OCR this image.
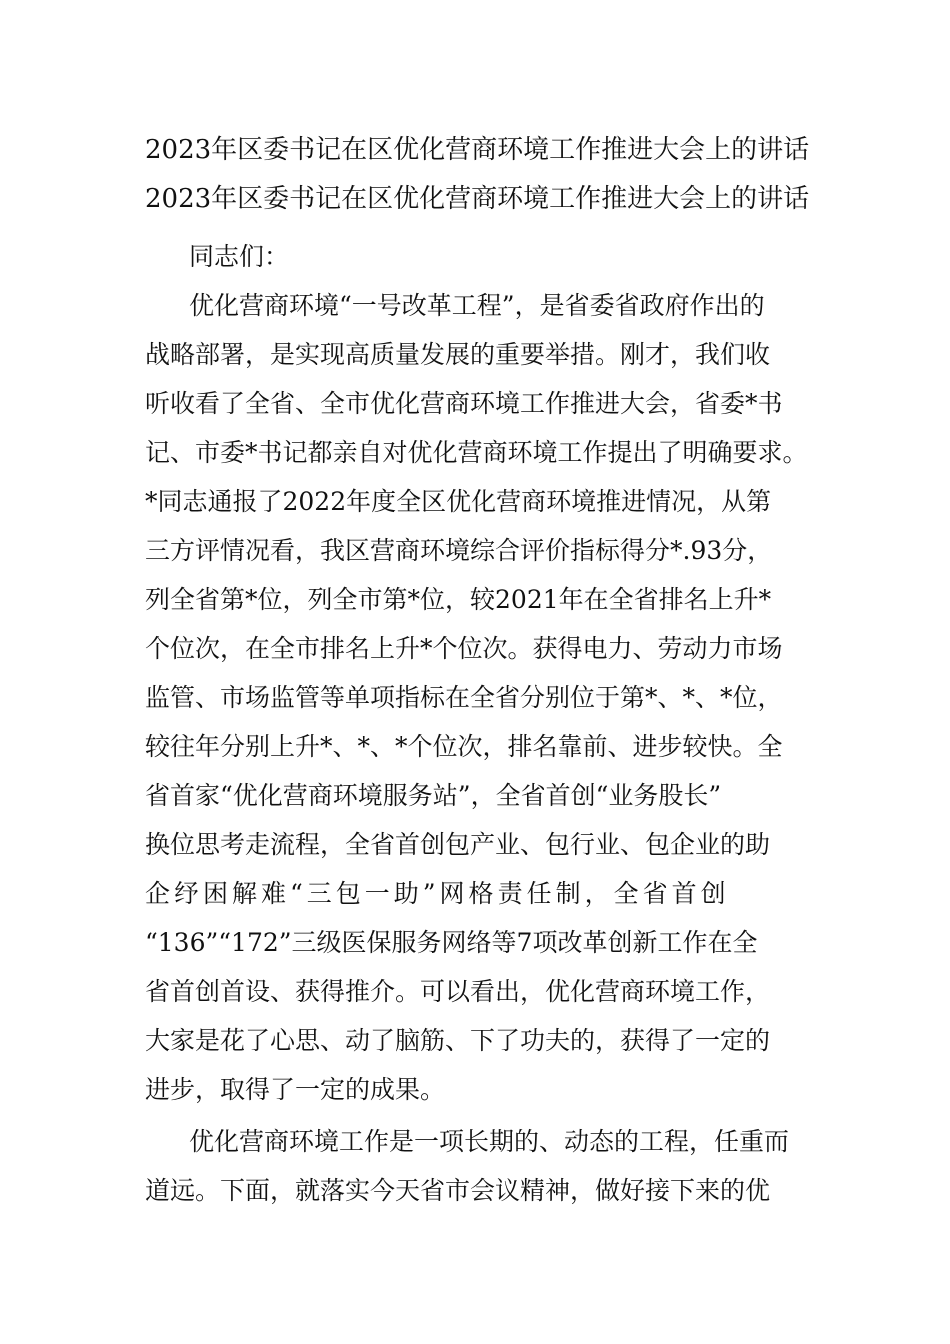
2023年区委书记在区优化营商环境工作推进大会上的讲话
2023年区委书记在区优化营商环境工作推进大会上的讲话
同志们：
优化营商环境“一号改革工程”，是省委省政府作出的
战略部署，是实现高质量发展的重要举措。刚才，我们收
听收看了全省、全市优化营商环境工作推进大会，省委*书
记、市委*书记都亲自对优化营商环境工作提出了明确要求。
*同志通报了2022年度全区优化营商环境推进情况，从第
三方评情况看，我区营商环境综合评价指标得分*.93分，
列全省第*位，列全市第*位，较2021年在全省排名上升*
个位次，在全市排名上升*个位次。获得电力、劳动力市场
监管、市场监管等单项指标在全省分别位于第*、*、*位，
较往年分别上升*、*、*个位次，排名靠前、进步较快。全
省首家“优化营商环境服务站”，全省首创“业务股长”
换位思考走流程，全省首创包产业、包行业、包企业的助
企纾困解难“三包一助”网格责任制，全省首创
“136”“172”三级医保服务网络等7项改革创新工作在全
省首创首设、获得推介。可以看出，优化营商环境工作，
大家是花了心思、动了脑筋、下了功夫的，获得了一定的
进步，取得了一定的成果。
优化营商环境工作是一项长期的、动态的工程，任重而
道远。下面，就落实今天省市会议精神，做好接下来的优
